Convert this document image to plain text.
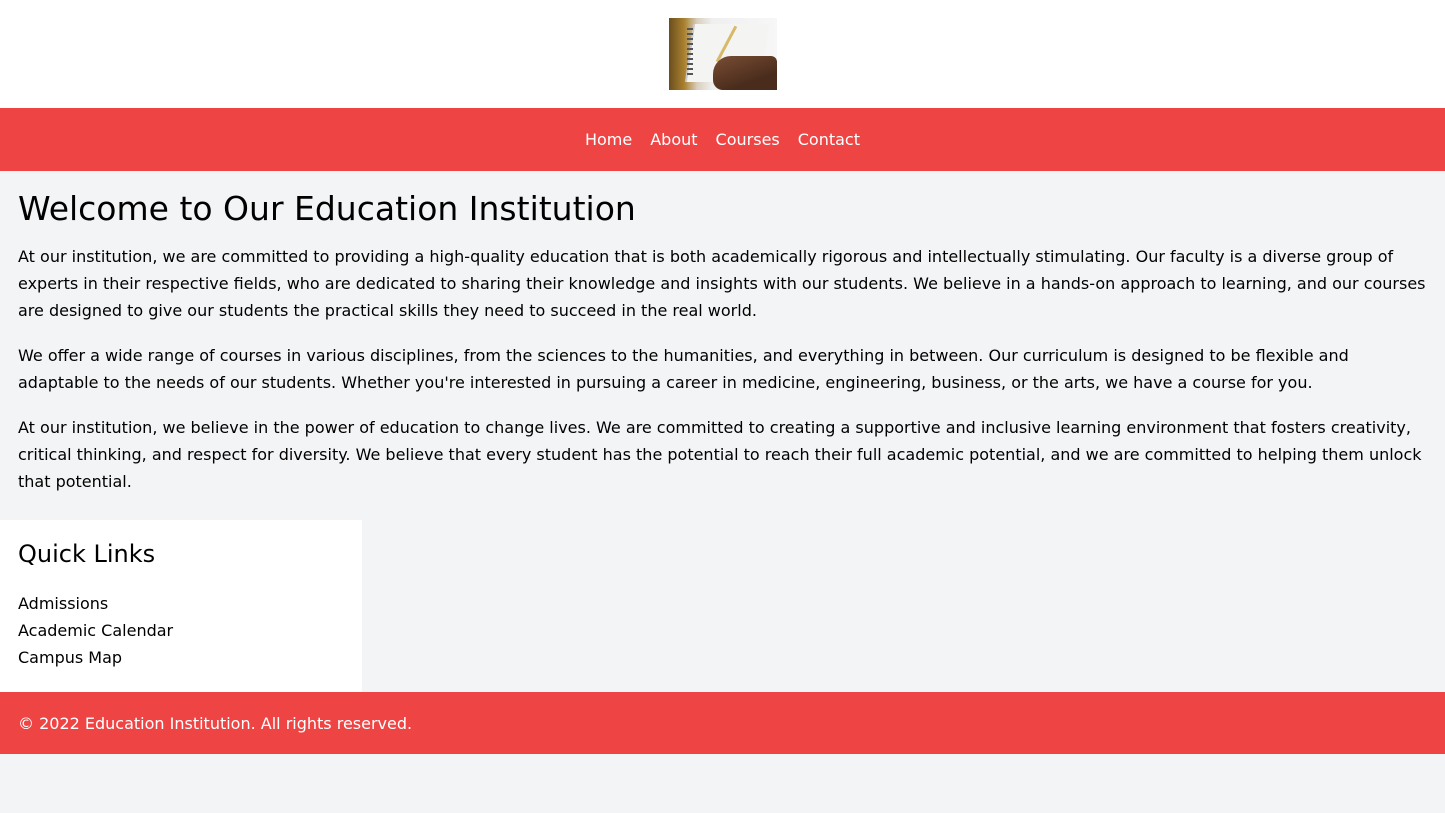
Home About Courses Contact
Welcome to Our Education Institution

At our institution, we are committed to providing a high-quality education that is both academically rigorous and intellectually stimulating. Our faculty is a diverse group of experts in their respective fields, who are dedicated to sharing their knowledge and insights with our students. We believe in a hands-on approach to learning, and our courses are designed to give our students the practical skills they need to succeed in the real world.

We offer a wide range of courses in various disciplines, from the sciences to the humanities, and everything in between. Our curriculum is designed to be flexible and adaptable to the needs of our students. Whether you're interested in pursuing a career in medicine, engineering, business, or the arts, we have a course for you.

At our institution, we believe in the power of education to change lives. We are committed to creating a supportive and inclusive learning environment that fosters creativity, critical thinking, and respect for diversity. We believe that every student has the potential to reach their full academic potential, and we are committed to helping them unlock that potential.

Quick Links
Admissions
Academic Calendar
Campus Map
© 2022 Education Institution. All rights reserved.
